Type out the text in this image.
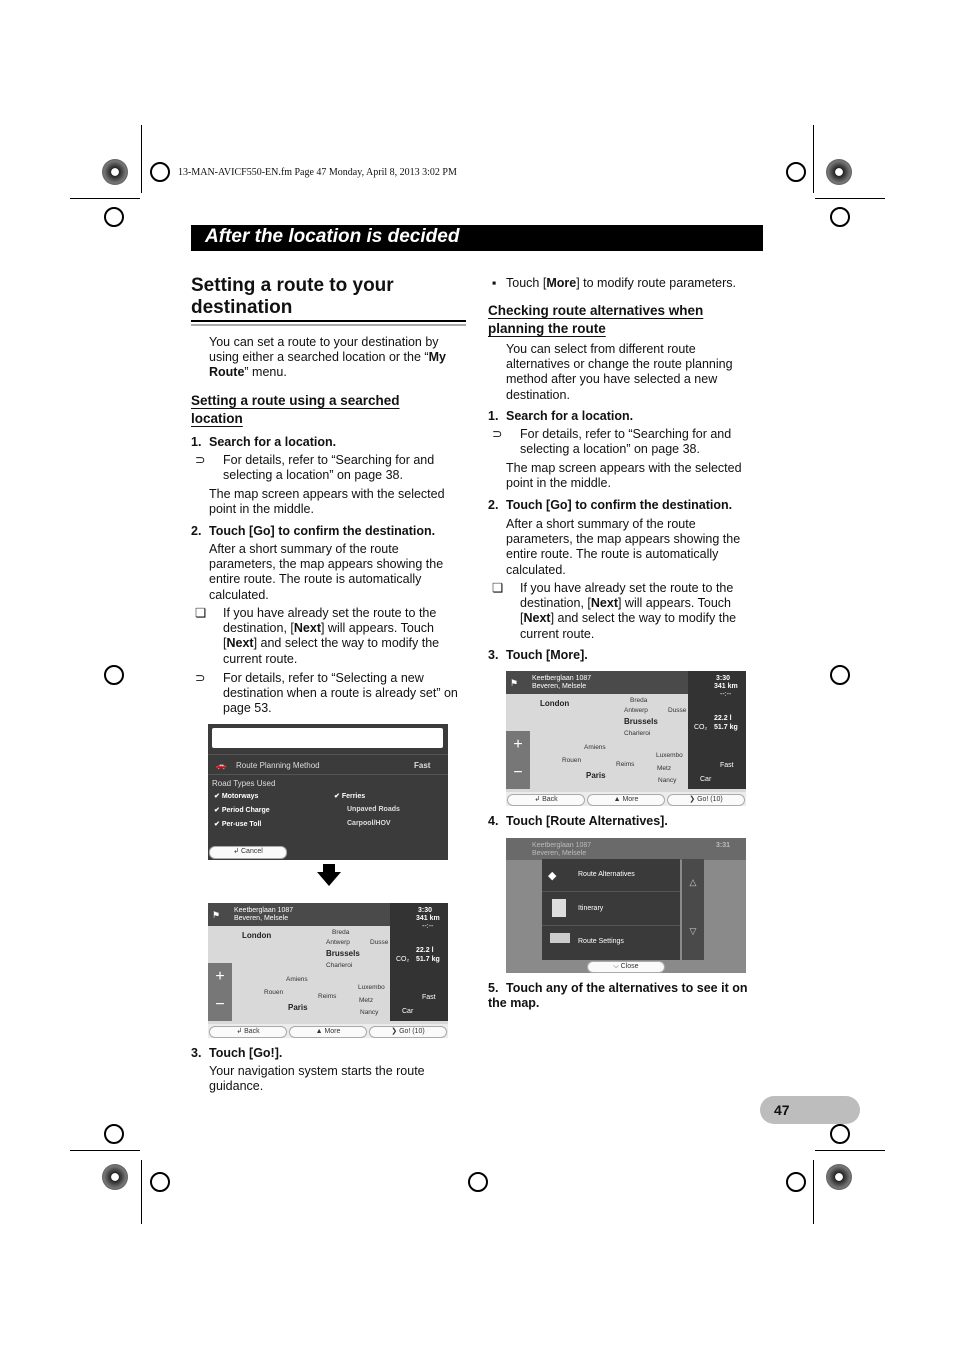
13-MAN-AVICF550-EN.fm Page 47 Monday, April 8, 2013 3:02 PM
After the location is decided
Setting a route to your
destination

You can set a route to your destination by using either a searched location or the “My Route” menu.

Setting a route using a searched
location
1. Search for a location.

⊃ For details, refer to “Searching for and selecting a location” on page 38.

The map screen appears with the selected point in the middle.

2. Touch [Go] to confirm the destination.

After a short summary of the route parameters, the map appears showing the entire route. The route is automatically calculated.

❏ If you have already set the route to the destination, [Next] will appears. Touch [Next] and select the way to modify the current route.

⊃ For details, refer to “Selecting a new destination when a route is already set” on page 53.

🚗 Route Planning Method	Fast
Road Types Used
✔ Motorways	✔ Ferries
✔ Period Charge	Unpaved Roads
✔ Per-use Toll	Carpool/HOV
↲ Cancel
⚑ Keetberglaan 1087
Beveren, Melsele
3:30
341 km
--:--
22.2 l
CO₂ 51.7 kg
Fast
Car
+
−
London	Breda
Antwerp	Dusse
Brussels
Charleroi
Amiens
Rouen
Reims
Luxembo
Metz
Paris
Nancy
↲ Back	▲ More	❯ Go! (10)
3. Touch [Go!].

Your navigation system starts the route guidance.

▪ Touch [More] to modify route parameters.

Checking route alternatives when
planning the route

You can select from different route alternatives or change the route planning method after you have selected a new destination.

1. Search for a location.

⊃ For details, refer to “Searching for and selecting a location” on page 38.

The map screen appears with the selected point in the middle.

2. Touch [Go] to confirm the destination.

After a short summary of the route parameters, the map appears showing the entire route. The route is automatically calculated.

❏ If you have already set the route to the destination, [Next] will appears. Touch [Next] and select the way to modify the current route.

3. Touch [More].
⚑ Keetberglaan 1087
Beveren, Melsele
3:30
341 km
--:--
22.2 l
CO₂ 51.7 kg
Fast
Car
+
−
London	Breda
Antwerp	Dusse
Brussels
Charleroi
Amiens
Rouen
Reims
Luxembo
Metz
Paris
Nancy
↲ Back	▲ More	❯ Go! (10)
4. Touch [Route Alternatives].
Keetberglaan 1087
Beveren, Melsele
3:31
◆	Route Alternatives
Itinerary
Route Settings
△
▽
⌵ Close
5. Touch any of the alternatives to see it on the map.
47
